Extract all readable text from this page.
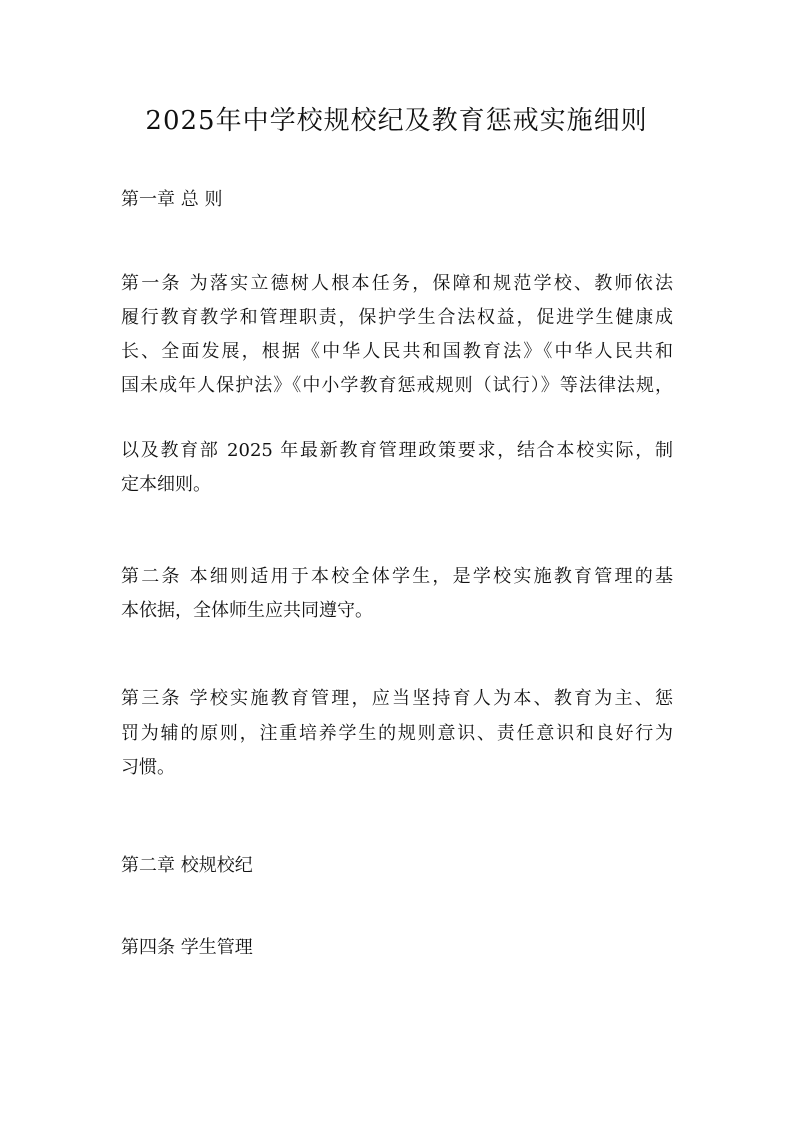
2025年中学校规校纪及教育惩戒实施细则
第一章 总 则
第一条 为落实立德树人根本任务，保障和规范学校、教师依法
履行教育教学和管理职责，保护学生合法权益，促进学生健康成
长、全面发展，根据《中华人民共和国教育法》《中华人民共和
国未成年人保护法》《中小学教育惩戒规则（试行）》等法律法规，
以及教育部 2025 年最新教育管理政策要求，结合本校实际，制
定本细则。
第二条 本细则适用于本校全体学生，是学校实施教育管理的基
本依据，全体师生应共同遵守。
第三条 学校实施教育管理，应当坚持育人为本、教育为主、惩
罚为辅的原则，注重培养学生的规则意识、责任意识和良好行为
习惯。
第二章 校规校纪
第四条 学生管理
